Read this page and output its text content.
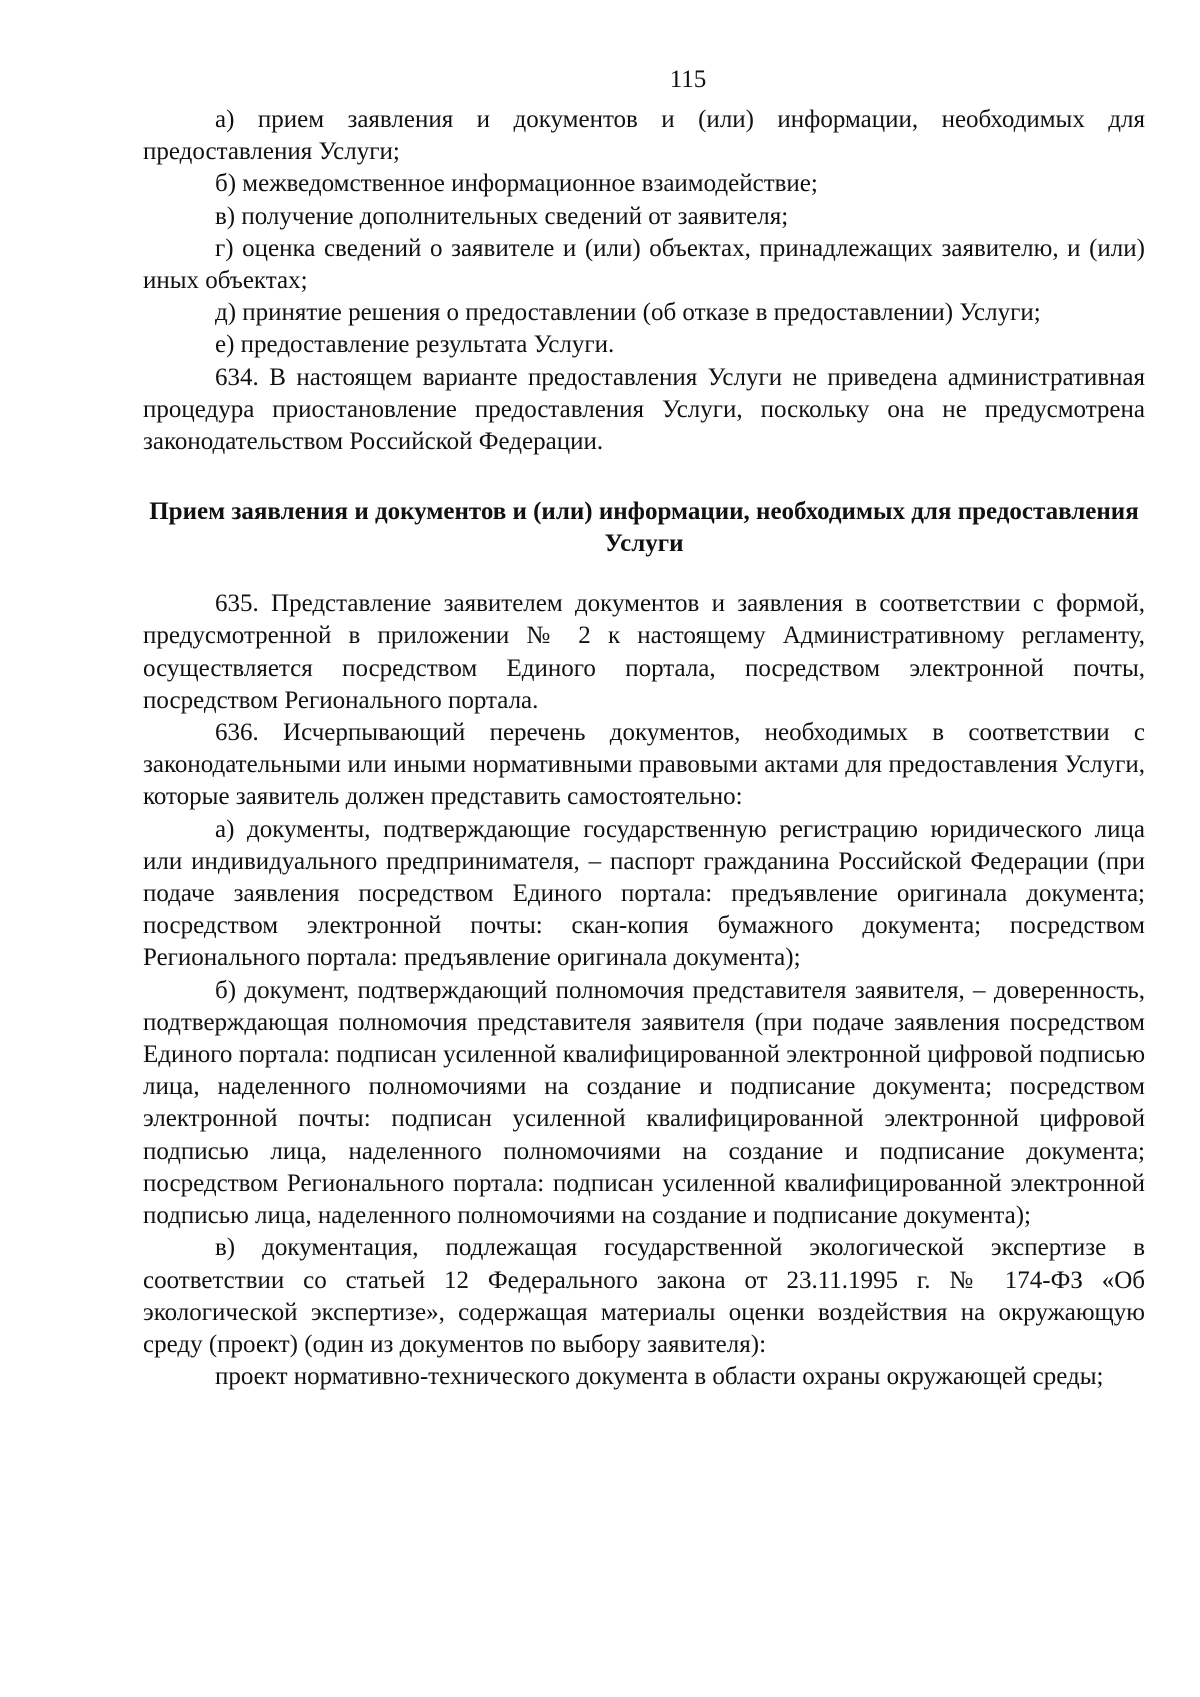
115

а) прием заявления и документов и (или) информации, необходимых для предоставления Услуги;

б) межведомственное информационное взаимодействие;

в) получение дополнительных сведений от заявителя;

г) оценка сведений о заявителе и (или) объектах, принадлежащих заявителю, и (или) иных объектах;

д) принятие решения о предоставлении (об отказе в предоставлении) Услуги;

е) предоставление результата Услуги.

634. В настоящем варианте предоставления Услуги не приведена административная процедура приостановление предоставления Услуги, поскольку она не предусмотрена законодательством Российской Федерации.

Прием заявления и документов и (или) информации, необходимых для предоставления Услуги

635. Представление заявителем документов и заявления в соответствии с формой, предусмотренной в приложении № 2 к настоящему Административному регламенту, осуществляется посредством Единого портала, посредством электронной почты, посредством Регионального портала.

636. Исчерпывающий перечень документов, необходимых в соответствии с законодательными или иными нормативными правовыми актами для предоставления Услуги, которые заявитель должен представить самостоятельно:

а) документы, подтверждающие государственную регистрацию юридического лица или индивидуального предпринимателя, – паспорт гражданина Российской Федерации (при подаче заявления посредством Единого портала: предъявление оригинала документа; посредством электронной почты: скан-копия бумажного документа; посредством Регионального портала: предъявление оригинала документа);

б) документ, подтверждающий полномочия представителя заявителя, – доверенность, подтверждающая полномочия представителя заявителя (при подаче заявления посредством Единого портала: подписан усиленной квалифицированной электронной цифровой подписью лица, наделенного полномочиями на создание и подписание документа; посредством электронной почты: подписан усиленной квалифицированной электронной цифровой подписью лица, наделенного полномочиями на создание и подписание документа; посредством Регионального портала: подписан усиленной квалифицированной электронной подписью лица, наделенного полномочиями на создание и подписание документа);

в) документация, подлежащая государственной экологической экспертизе в соответствии со статьей 12 Федерального закона от 23.11.1995 г. № 174-ФЗ «Об экологической экспертизе», содержащая материалы оценки воздействия на окружающую среду (проект) (один из документов по выбору заявителя):

проект нормативно-технического документа в области охраны окружающей среды;
